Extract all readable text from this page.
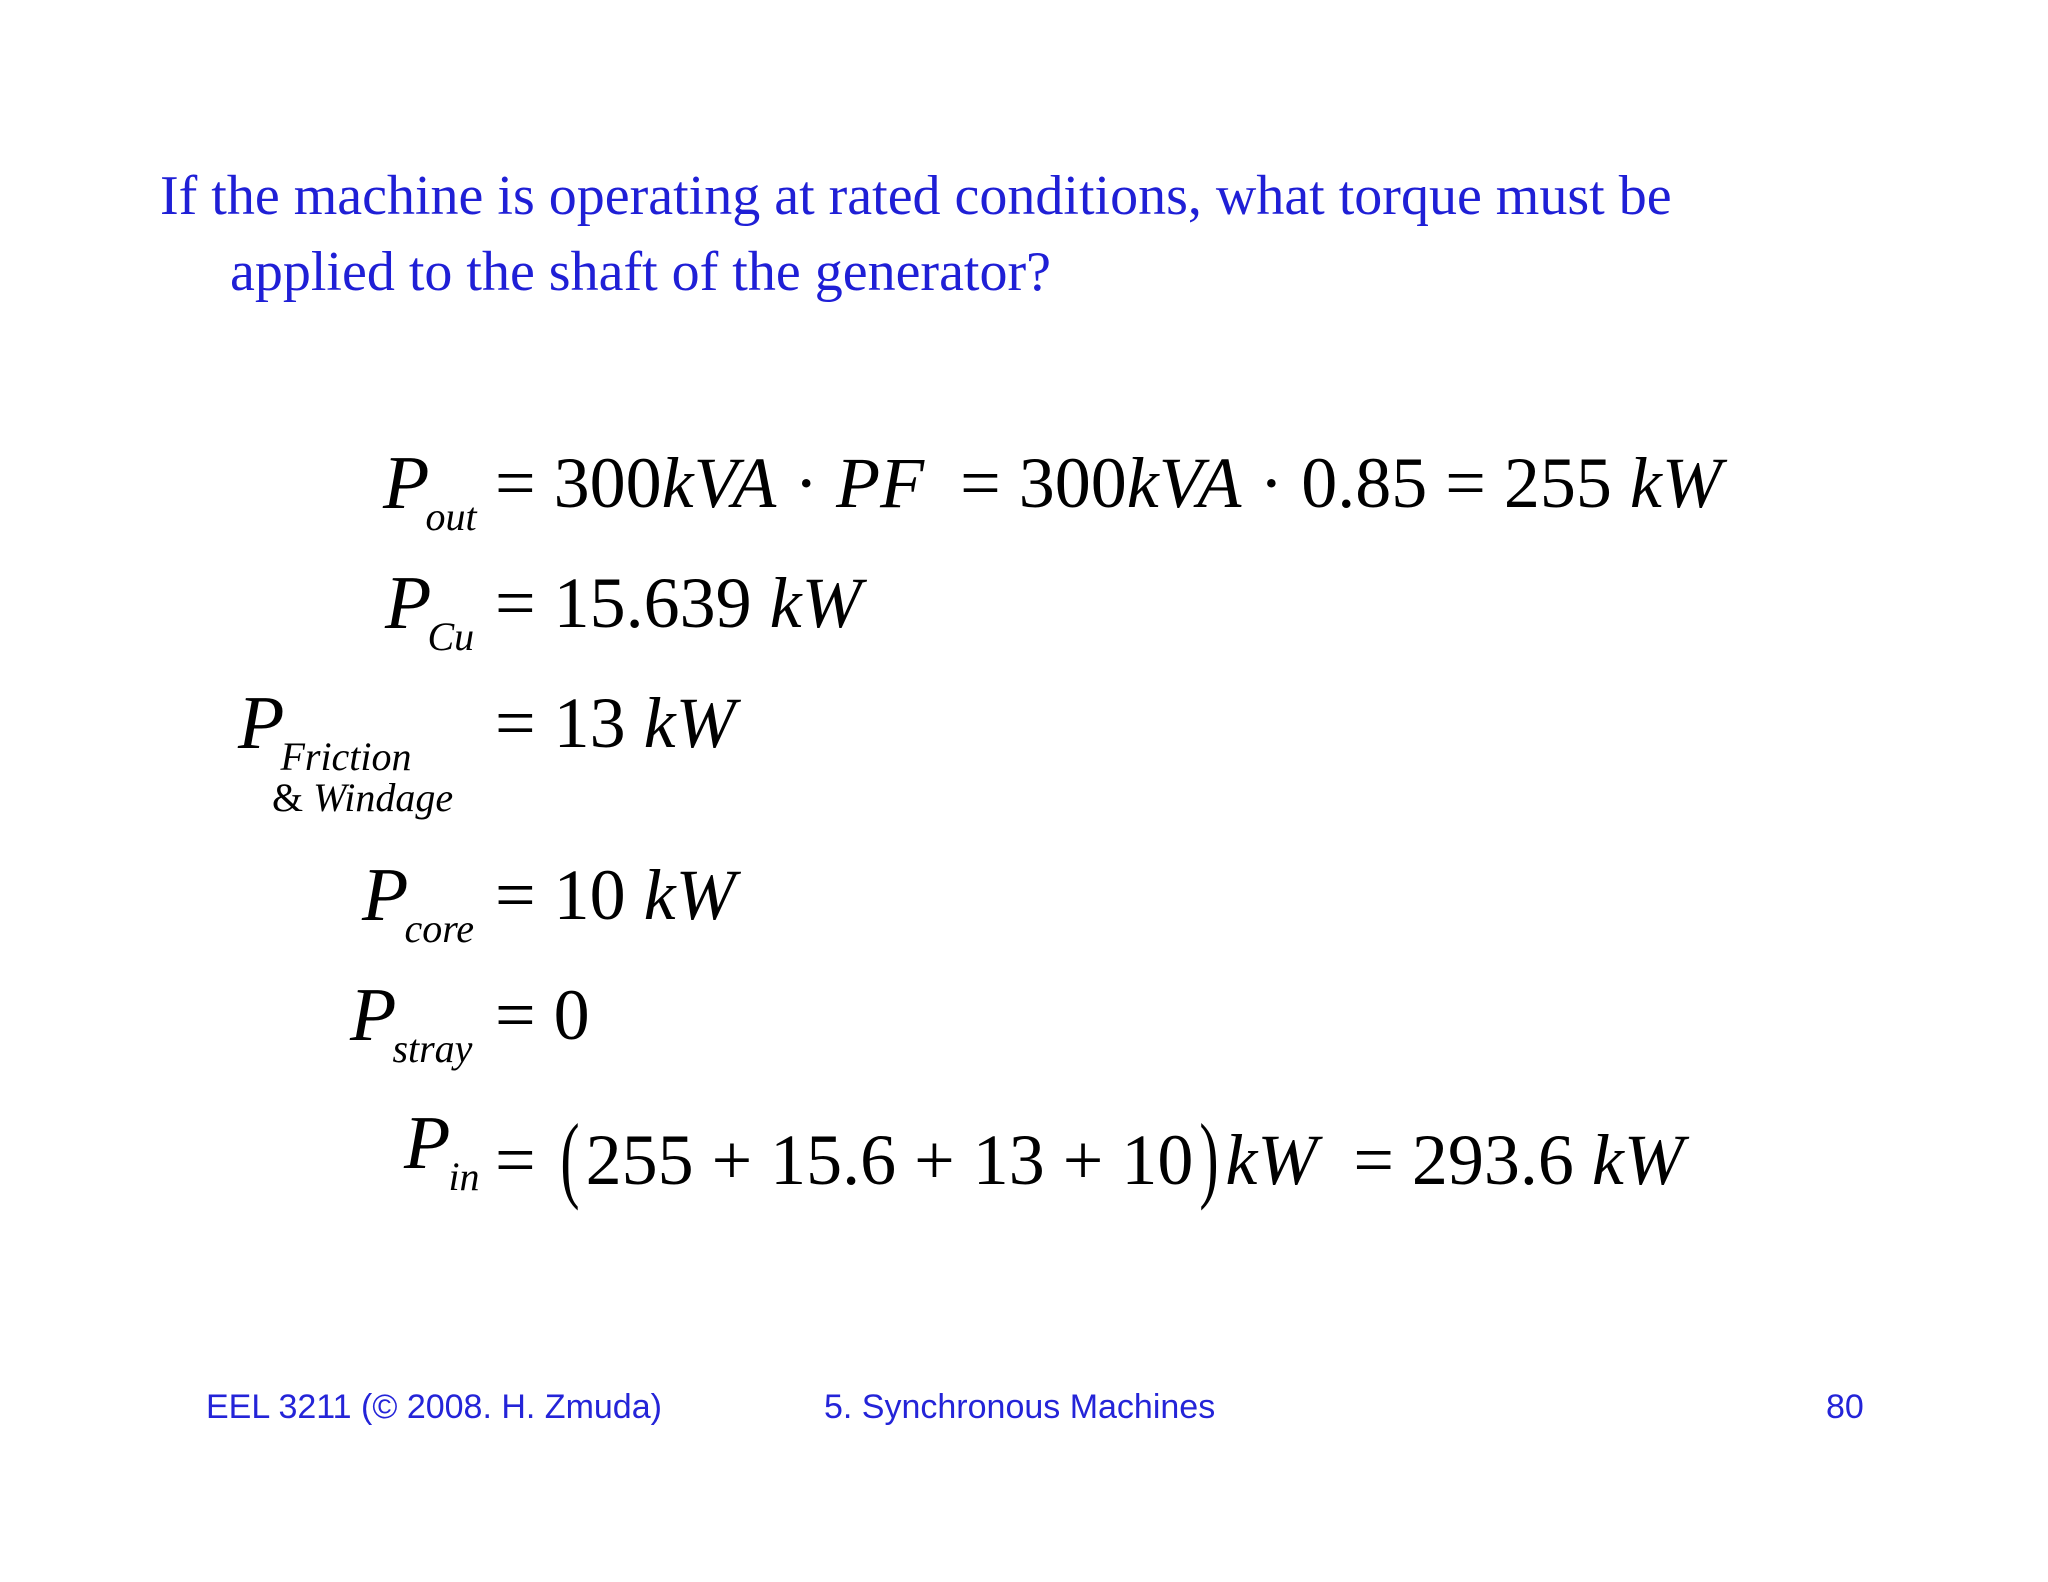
If the machine is operating at rated conditions, what torque must be
applied to the shaft of the generator?
Pout = 300kVA · PF  = 300kVA · 0.85 = 255 kW
PCu = 15.639 kW
PFriction
& Windage
= 13 kW
Pcore = 10 kW
Pstray = 0
Pin = (255 + 15.6 + 13 + 10)kW  = 293.6 kW
EEL 3211 (© 2008. H. Zmuda)	5. Synchronous Machines	80
